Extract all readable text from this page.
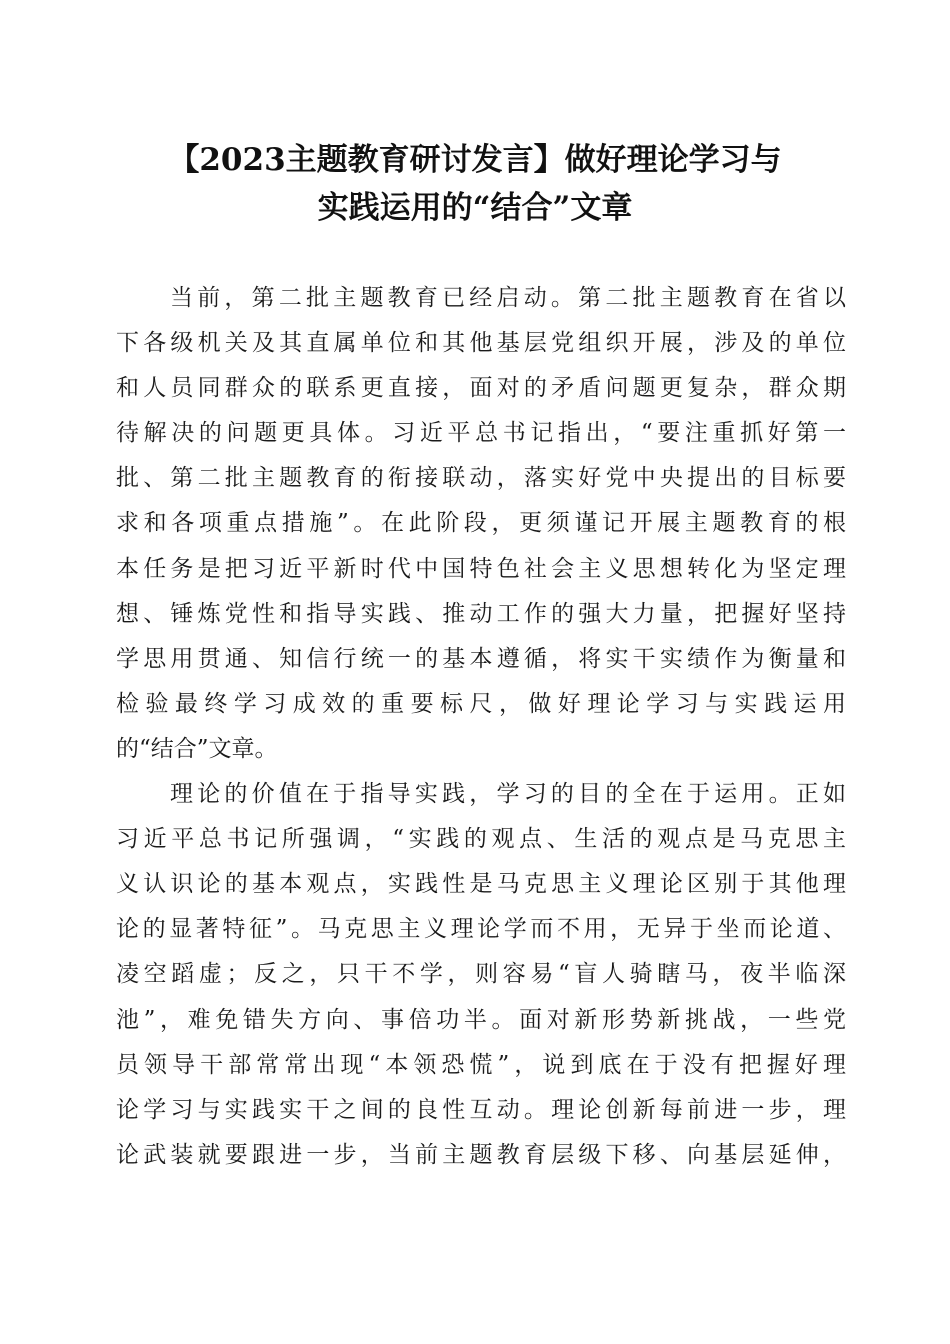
【2023主题教育研讨发言】做好理论学习与
实践运用的“结合”文章
当前，第二批主题教育已经启动。第二批主题教育在省以
下各级机关及其直属单位和其他基层党组织开展，涉及的单位
和人员同群众的联系更直接，面对的矛盾问题更复杂，群众期
待解决的问题更具体。习近平总书记指出，“要注重抓好第一
批、第二批主题教育的衔接联动，落实好党中央提出的目标要
求和各项重点措施”。在此阶段，更须谨记开展主题教育的根
本任务是把习近平新时代中国特色社会主义思想转化为坚定理
想、锤炼党性和指导实践、推动工作的强大力量，把握好坚持
学思用贯通、知信行统一的基本遵循，将实干实绩作为衡量和
检验最终学习成效的重要标尺，做好理论学习与实践运用
的“结合”文章。
理论的价值在于指导实践，学习的目的全在于运用。正如
习近平总书记所强调，“实践的观点、生活的观点是马克思主
义认识论的基本观点，实践性是马克思主义理论区别于其他理
论的显著特征”。马克思主义理论学而不用，无异于坐而论道、
凌空蹈虚；反之，只干不学，则容易“盲人骑瞎马，夜半临深
池”，难免错失方向、事倍功半。面对新形势新挑战，一些党
员领导干部常常出现“本领恐慌”，说到底在于没有把握好理
论学习与实践实干之间的良性互动。理论创新每前进一步，理
论武装就要跟进一步，当前主题教育层级下移、向基层延伸，
